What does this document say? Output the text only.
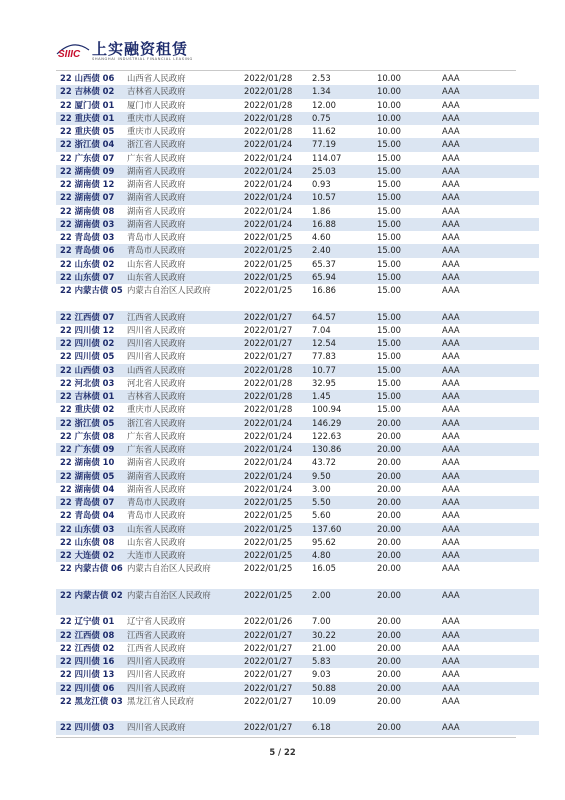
SIIIC 上实融资租赁
SHANGHAI INDUSTRIAL FINANCIAL LEASING
22 山西债 06	山西省人民政府	2022/01/28	2.53	10.00	AAA		
22 吉林债 02	吉林省人民政府	2022/01/28	1.34	10.00	AAA		
22 厦门债 01	厦门市人民政府	2022/01/28	12.00	10.00	AAA		
22 重庆债 01	重庆市人民政府	2022/01/28	0.75	10.00	AAA		
22 重庆债 05	重庆市人民政府	2022/01/28	11.62	10.00	AAA		
22 浙江债 04	浙江省人民政府	2022/01/24	77.19	15.00	AAA		
22 广东债 07	广东省人民政府	2022/01/24	114.07	15.00	AAA		
22 湖南债 09	湖南省人民政府	2022/01/24	25.03	15.00	AAA		
22 湖南债 12	湖南省人民政府	2022/01/24	0.93	15.00	AAA		
22 湖南债 07	湖南省人民政府	2022/01/24	10.57	15.00	AAA		
22 湖南债 08	湖南省人民政府	2022/01/24	1.86	15.00	AAA		
22 湖南债 03	湖南省人民政府	2022/01/24	16.88	15.00	AAA		
22 青岛债 03	青岛市人民政府	2022/01/25	4.60	15.00	AAA		
22 青岛债 06	青岛市人民政府	2022/01/25	2.40	15.00	AAA		
22 山东债 02	山东省人民政府	2022/01/25	65.37	15.00	AAA		
22 山东债 07	山东省人民政府	2022/01/25	65.94	15.00	AAA		
22 内蒙古债 05	内蒙古自治区人民政府	2022/01/25	16.86	15.00	AAA		
22 江西债 07	江西省人民政府	2022/01/27	64.57	15.00	AAA		
22 四川债 12	四川省人民政府	2022/01/27	7.04	15.00	AAA		
22 四川债 02	四川省人民政府	2022/01/27	12.54	15.00	AAA		
22 四川债 05	四川省人民政府	2022/01/27	77.83	15.00	AAA		
22 山西债 03	山西省人民政府	2022/01/28	10.77	15.00	AAA		
22 河北债 03	河北省人民政府	2022/01/28	32.95	15.00	AAA		
22 吉林债 01	吉林省人民政府	2022/01/28	1.45	15.00	AAA		
22 重庆债 02	重庆市人民政府	2022/01/28	100.94	15.00	AAA		
22 浙江债 05	浙江省人民政府	2022/01/24	146.29	20.00	AAA		
22 广东债 08	广东省人民政府	2022/01/24	122.63	20.00	AAA		
22 广东债 09	广东省人民政府	2022/01/24	130.86	20.00	AAA		
22 湖南债 10	湖南省人民政府	2022/01/24	43.72	20.00	AAA		
22 湖南债 05	湖南省人民政府	2022/01/24	9.50	20.00	AAA		
22 湖南债 04	湖南省人民政府	2022/01/24	3.00	20.00	AAA		
22 青岛债 07	青岛市人民政府	2022/01/25	5.50	20.00	AAA		
22 青岛债 04	青岛市人民政府	2022/01/25	5.60	20.00	AAA		
22 山东债 03	山东省人民政府	2022/01/25	137.60	20.00	AAA		
22 山东债 08	山东省人民政府	2022/01/25	95.62	20.00	AAA		
22 大连债 02	大连市人民政府	2022/01/25	4.80	20.00	AAA		
22 内蒙古债 06	内蒙古自治区人民政府	2022/01/25	16.05	20.00	AAA		
22 内蒙古债 02	内蒙古自治区人民政府	2022/01/25	2.00	20.00	AAA		
22 辽宁债 01	辽宁省人民政府	2022/01/26	7.00	20.00	AAA		
22 江西债 08	江西省人民政府	2022/01/27	30.22	20.00	AAA		
22 江西债 02	江西省人民政府	2022/01/27	21.00	20.00	AAA		
22 四川债 16	四川省人民政府	2022/01/27	5.83	20.00	AAA		
22 四川债 13	四川省人民政府	2022/01/27	9.03	20.00	AAA		
22 四川债 06	四川省人民政府	2022/01/27	50.88	20.00	AAA		
22 黑龙江债 03	黑龙江省人民政府	2022/01/27	10.09	20.00	AAA		
22 四川债 03	四川省人民政府	2022/01/27	6.18	20.00	AAA		
5 / 22
